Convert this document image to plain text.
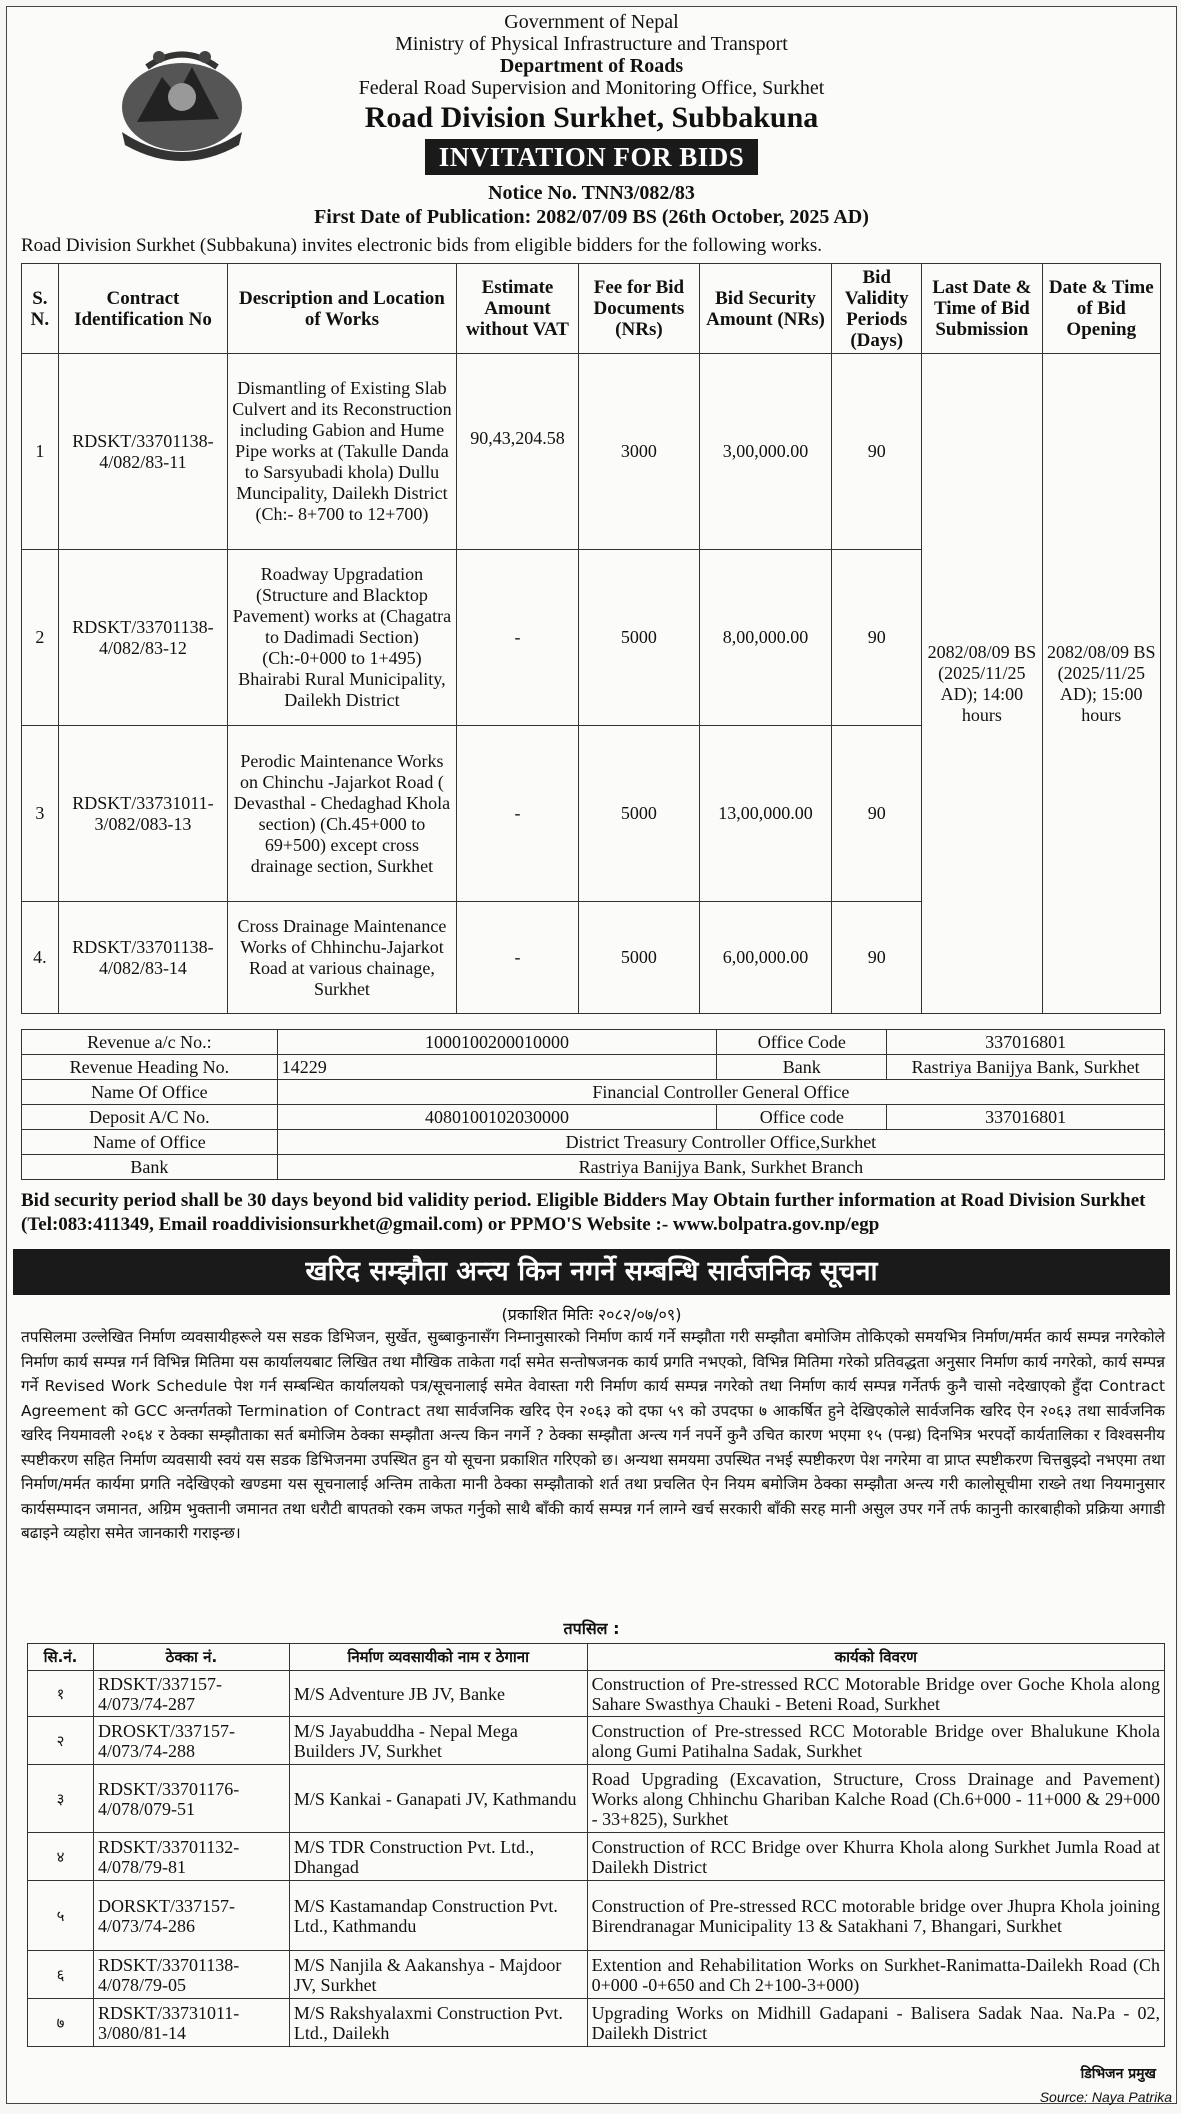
Government of Nepal
Ministry of Physical Infrastructure and Transport
Department of Roads
Federal Road Supervision and Monitoring Office, Surkhet
Road Division Surkhet, Subbakuna
INVITATION FOR BIDS
Notice No. TNN3/082/83
First Date of Publication: 2082/07/09 BS (26th October, 2025 AD)
Road Division Surkhet (Subbakuna) invites electronic bids from eligible bidders for the following works.
S. N.	Contract Identification No	Description and Location of Works	Estimate Amount without VAT	Fee for Bid Documents (NRs)	Bid Security Amount (NRs)	Bid Validity Periods (Days)	Last Date & Time of Bid Submission	Date & Time of Bid Opening
1	RDSKT/33701138-4/082/83-11	Dismantling of Existing Slab Culvert and its Reconstruction including Gabion and Hume Pipe works at (Takulle Danda to Sarsyubadi khola) Dullu Muncipality, Dailekh District (Ch:- 8+700 to 12+700)	90,43,204.58	3000	3,00,000.00	90	2082/08/09 BS (2025/11/25 AD); 14:00 hours	2082/08/09 BS (2025/11/25 AD); 15:00 hours
2	RDSKT/33701138-4/082/83-12	Roadway Upgradation (Structure and Blacktop Pavement) works at (Chagatra to Dadimadi Section)(Ch:-0+000 to 1+495) Bhairabi Rural Municipality, Dailekh District	-	5000	8,00,000.00	90		
3	RDSKT/33731011-3/082/083-13	Perodic Maintenance Works on Chinchu -Jajarkot Road ( Devasthal - Chedaghad Khola section) (Ch.45+000 to 69+500) except cross drainage section, Surkhet	-	5000	13,00,000.00	90		
4.	RDSKT/33701138-4/082/83-14	Cross Drainage Maintenance Works of Chhinchu-Jajarkot Road at various chainage, Surkhet	-	5000	6,00,000.00	90		
Revenue a/c No.:	1000100200010000	Office Code	337016801
Revenue Heading No.	14229	Bank	Rastriya Banijya Bank, Surkhet
Name Of Office	Financial Controller General Office		
Deposit A/C No.	4080100102030000	Office code	337016801
Name of Office	District Treasury Controller Office,Surkhet		
Bank	Rastriya Banijya Bank, Surkhet Branch		
Bid security period shall be 30 days beyond bid validity period. Eligible Bidders May Obtain further information at Road Division Surkhet (Tel:083:411349, Email roaddivisionsurkhet@gmail.com) or PPMO'S Website :- www.bolpatra.gov.np/egp
खरिद सम्झौता अन्त्य किन नगर्ने सम्बन्धि सार्वजनिक सूचना
(प्रकाशित मितिः २०८२/०७/०९)
तपसिलमा उल्लेखित निर्माण व्यवसायीहरूले यस सडक डिभिजन, सुर्खेत, सुब्बाकुनासँग निम्नानुसारको निर्माण कार्य गर्ने सम्झौता गरी सम्झौता बमोजिम तोकिएको समयभित्र निर्माण/मर्मत कार्य सम्पन्न नगरेकोले निर्माण कार्य सम्पन्न गर्न विभिन्न मितिमा यस कार्यालयबाट लिखित तथा मौखिक ताकेता गर्दा समेत सन्तोषजनक कार्य प्रगति नभएको, विभिन्न मितिमा गरेको प्रतिवद्धता अनुसार निर्माण कार्य नगरेको, कार्य सम्पन्न गर्ने Revised Work Schedule पेश गर्न सम्बन्धित कार्यालयको पत्र/सूचनालाई समेत वेवास्ता गरी निर्माण कार्य सम्पन्न नगरेको तथा निर्माण कार्य सम्पन्न गर्नेतर्फ कुनै चासो नदेखाएको हुँदा Contract Agreement को GCC अन्तर्गतको Termination of Contract तथा सार्वजनिक खरिद ऐन २०६३ को दफा ५९ को उपदफा ७ आकर्षित हुने देखिएकोले सार्वजनिक खरिद ऐन २०६३ तथा सार्वजनिक खरिद नियमावली २०६४ र ठेक्का सम्झौताका सर्त बमोजिम ठेक्का सम्झौता अन्त्य किन नगर्ने ? ठेक्का सम्झौता अन्त्य गर्न नपर्ने कुनै उचित कारण भएमा १५ (पन्ध्र) दिनभित्र भरपर्दो कार्यतालिका र विश्वसनीय स्पष्टीकरण सहित निर्माण व्यवसायी स्वयं यस सडक डिभिजनमा उपस्थित हुन यो सूचना प्रकाशित गरिएको छ। अन्यथा समयमा उपस्थित नभई स्पष्टीकरण पेश नगरेमा वा प्राप्त स्पष्टीकरण चित्तबुझ्दो नभएमा तथा निर्माण/मर्मत कार्यमा प्रगति नदेखिएको खण्डमा यस सूचनालाई अन्तिम ताकेता मानी ठेक्का सम्झौताको शर्त तथा प्रचलित ऐन नियम बमोजिम ठेक्का सम्झौता अन्त्य गरी कालोसूचीमा राख्ने तथा नियमानुसार कार्यसम्पादन जमानत, अग्रिम भुक्तानी जमानत तथा धरौटी बापतको रकम जफत गर्नुको साथै बाँकी कार्य सम्पन्न गर्न लाग्ने खर्च सरकारी बाँकी सरह मानी असुल उपर गर्ने तर्फ कानुनी कारबाहीको प्रक्रिया अगाडी बढाइने व्यहोरा समेत जानकारी गराइन्छ।
तपसिल :
सि.नं.	ठेक्का नं.	निर्माण व्यवसायीको नाम र ठेगाना	कार्यको विवरण
१	RDSKT/337157-4/073/74-287	M/S Adventure JB JV, Banke	Construction of Pre-stressed RCC Motorable Bridge over Goche Khola along Sahare Swasthya Chauki - Beteni Road, Surkhet
२	DROSKT/337157-4/073/74-288	M/S Jayabuddha - Nepal Mega Builders JV, Surkhet	Construction of Pre-stressed RCC Motorable Bridge over Bhalukune Khola along Gumi Patihalna Sadak, Surkhet
३	RDSKT/33701176-4/078/079-51	M/S Kankai - Ganapati JV, Kathmandu	Road Upgrading (Excavation, Structure, Cross Drainage and Pavement) Works along Chhinchu Ghariban Kalche Road (Ch.6+000 - 11+000 & 29+000 - 33+825), Surkhet
४	RDSKT/33701132-4/078/79-81	M/S TDR Construction Pvt. Ltd., Dhangad	Construction of RCC Bridge over Khurra Khola along Surkhet Jumla Road at Dailekh District
५	DORSKT/337157-4/073/74-286	M/S Kastamandap Construction Pvt. Ltd., Kathmandu	Construction of Pre-stressed RCC motorable bridge over Jhupra Khola joining Birendranagar Municipality 13 & Satakhani 7, Bhangari, Surkhet
६	RDSKT/33701138-4/078/79-05	M/S Nanjila & Aakanshya - Majdoor JV, Surkhet	Extention and Rehabilitation Works on Surkhet-Ranimatta-Dailekh Road (Ch 0+000 -0+650 and Ch 2+100-3+000)
७	RDSKT/33731011-3/080/81-14	M/S Rakshyalaxmi Construction Pvt. Ltd., Dailekh	Upgrading Works on Midhill Gadapani - Balisera Sadak Naa. Na.Pa - 02, Dailekh District
डिभिजन प्रमुख
Source: Naya Patrika
